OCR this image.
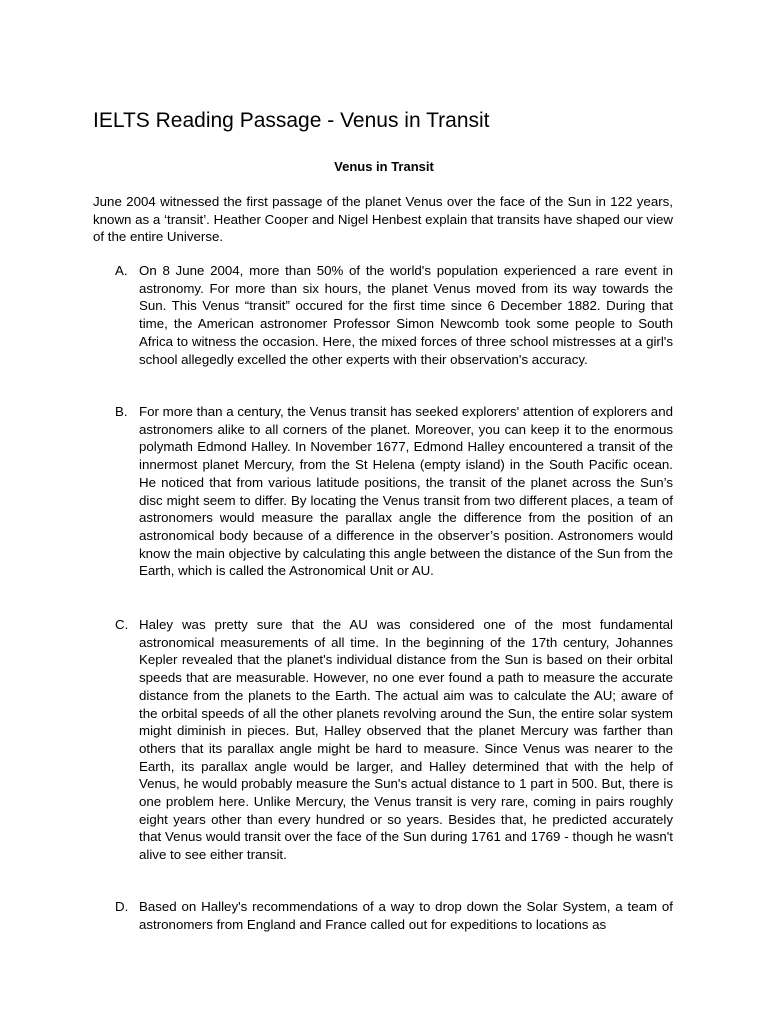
IELTS Reading Passage - Venus in Transit
Venus in Transit

June 2004 witnessed the first passage of the planet Venus over the face of the Sun in 122 years, known as a ‘transit’. Heather Cooper and Nigel Henbest explain that transits have shaped our view of the entire Universe.

A. On 8 June 2004, more than 50% of the world's population experienced a rare event in astronomy. For more than six hours, the planet Venus moved from its way towards the Sun. This Venus “transit” occured for the first time since 6 December 1882. During that time, the American astronomer Professor Simon Newcomb took some people to South Africa to witness the occasion. Here, the mixed forces of three school mistresses at a girl's school allegedly excelled the other experts with their observation's accuracy.

B. For more than a century, the Venus transit has seeked explorers' attention of explorers and astronomers alike to all corners of the planet. Moreover, you can keep it to the enormous polymath Edmond Halley. In November 1677, Edmond Halley encountered a transit of the innermost planet Mercury, from the St Helena (empty island) in the South Pacific ocean. He noticed that from various latitude positions, the transit of the planet across the Sun’s disc might seem to differ. By locating the Venus transit from two different places, a team of astronomers would measure the parallax angle the difference from the position of an astronomical body because of a difference in the observer’s position. Astronomers would know the main objective by calculating this angle between the distance of the Sun from the Earth, which is called the Astronomical Unit or AU.

C. Haley was pretty sure that the AU was considered one of the most fundamental astronomical measurements of all time. In the beginning of the 17th century, Johannes Kepler revealed that the planet's individual distance from the Sun is based on their orbital speeds that are measurable. However, no one ever found a path to measure the accurate distance from the planets to the Earth. The actual aim was to calculate the AU; aware of the orbital speeds of all the other planets revolving around the Sun, the entire solar system might diminish in pieces. But, Halley observed that the planet Mercury was farther than others that its parallax angle might be hard to measure. Since Venus was nearer to the Earth, its parallax angle would be larger, and Halley determined that with the help of Venus, he would probably measure the Sun's actual distance to 1 part in 500. But, there is one problem here. Unlike Mercury, the Venus transit is very rare, coming in pairs roughly eight years other than every hundred or so years. Besides that, he predicted accurately that Venus would transit over the face of the Sun during 1761 and 1769 - though he wasn't alive to see either transit.

D. Based on Halley's recommendations of a way to drop down the Solar System, a team of astronomers from England and France called out for expeditions to locations as
